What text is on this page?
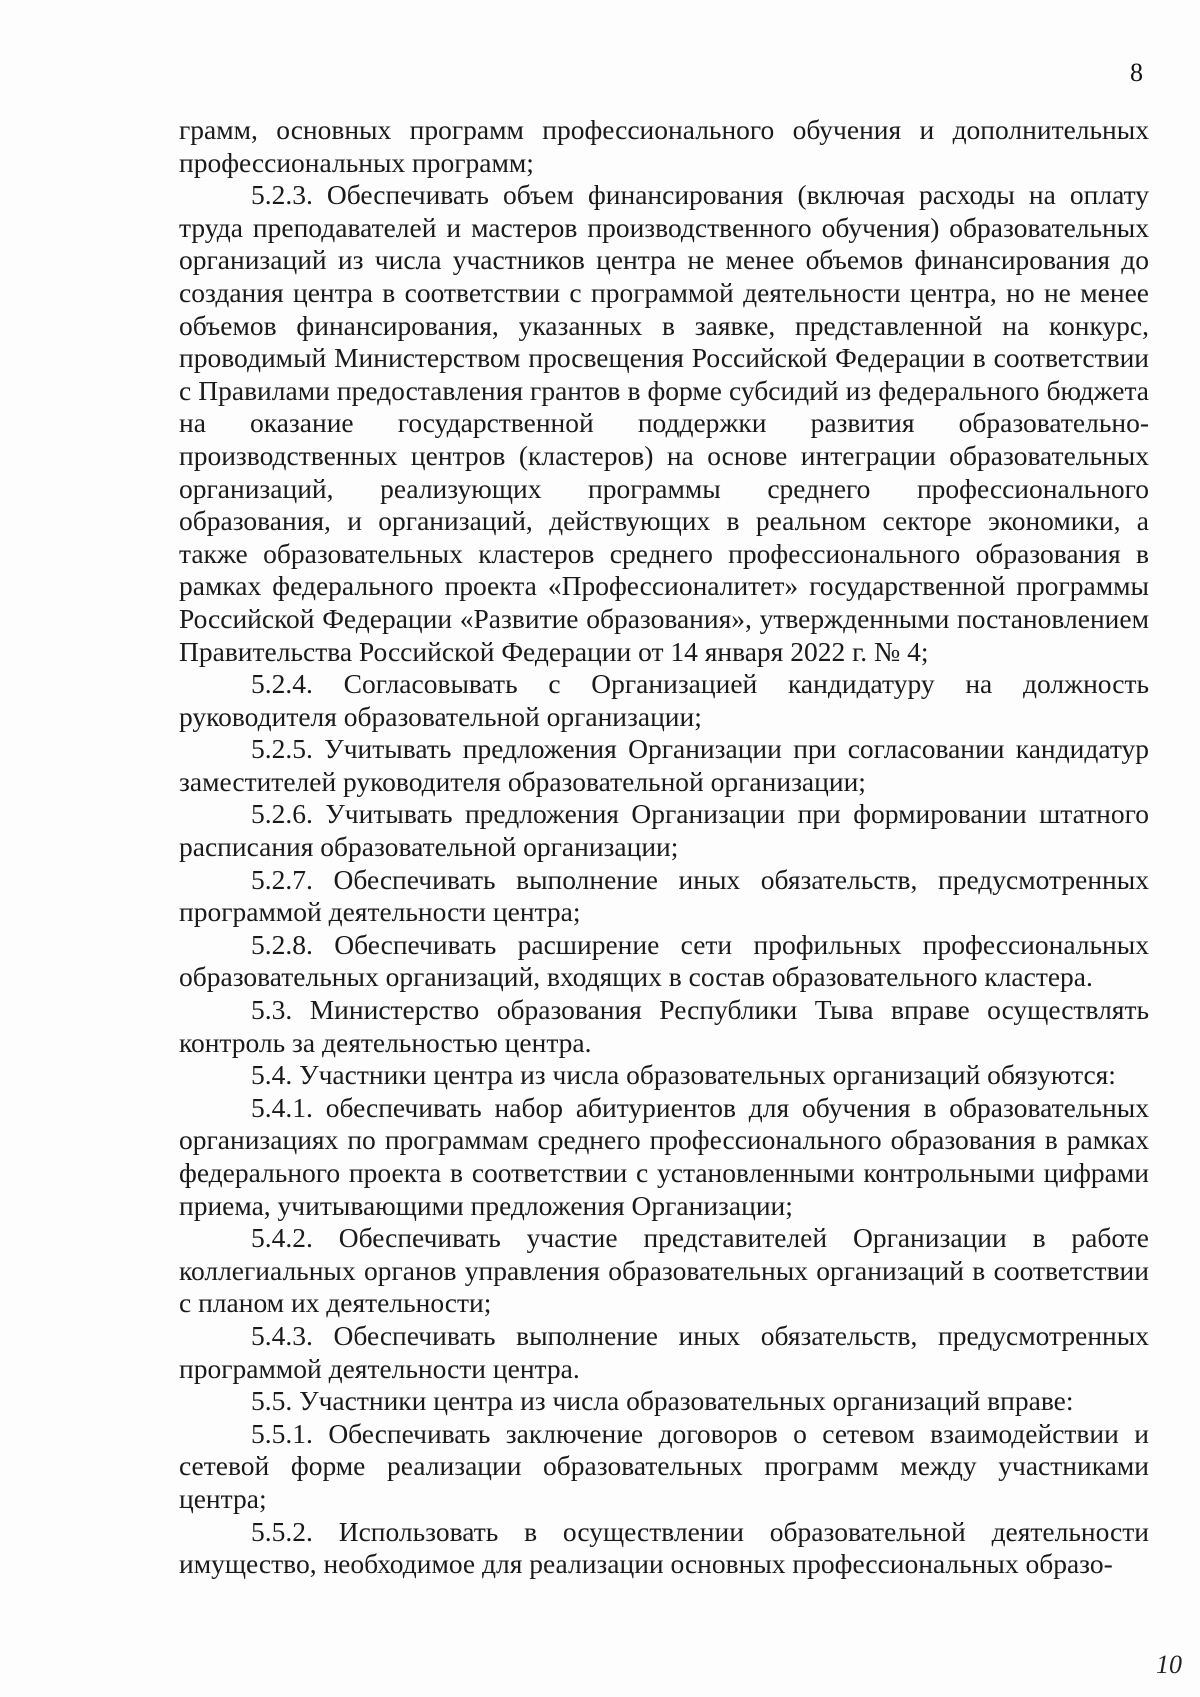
8

грамм, основных программ профессионального обучения и дополнительных профессиональных программ;

5.2.3. Обеспечивать объем финансирования (включая расходы на оплату труда преподавателей и мастеров производственного обучения) образовательных организаций из числа участников центра не менее объемов финансирования до создания центра в соответствии с программой деятельности центра, но не менее объемов финансирования, указанных в заявке, представленной на конкурс, проводимый Министерством просвещения Российской Федерации в соответствии с Правилами предоставления грантов в форме субсидий из федерального бюджета на оказание государственной поддержки развития образовательно-производственных центров (кластеров) на основе интеграции образовательных организаций, реализующих программы среднего профессионального образования, и организаций, действующих в реальном секторе экономики, а также образовательных кластеров среднего профессионального образования в рамках федерального проекта «Профессионалитет» государственной программы Российской Федерации «Развитие образования», утвержденными постановлением Правительства Российской Федерации от 14 января 2022 г. № 4;

5.2.4. Согласовывать с Организацией кандидатуру на должность руководителя образовательной организации;

5.2.5. Учитывать предложения Организации при согласовании кандидатур заместителей руководителя образовательной организации;

5.2.6. Учитывать предложения Организации при формировании штатного расписания образовательной организации;

5.2.7. Обеспечивать выполнение иных обязательств, предусмотренных программой деятельности центра;

5.2.8. Обеспечивать расширение сети профильных профессиональных образовательных организаций, входящих в состав образовательного кластера.

5.3. Министерство образования Республики Тыва вправе осуществлять контроль за деятельностью центра.

5.4. Участники центра из числа образовательных организаций обязуются:

5.4.1. обеспечивать набор абитуриентов для обучения в образовательных организациях по программам среднего профессионального образования в рамках федерального проекта в соответствии с установленными контрольными цифрами приема, учитывающими предложения Организации;

5.4.2. Обеспечивать участие представителей Организации в работе коллегиальных органов управления образовательных организаций в соответствии с планом их деятельности;

5.4.3. Обеспечивать выполнение иных обязательств, предусмотренных программой деятельности центра.

5.5. Участники центра из числа образовательных организаций вправе:

5.5.1. Обеспечивать заключение договоров о сетевом взаимодействии и сетевой форме реализации образовательных программ между участниками центра;

5.5.2. Использовать в осуществлении образовательной деятельности имущество, необходимое для реализации основных профессиональных образо-

10
